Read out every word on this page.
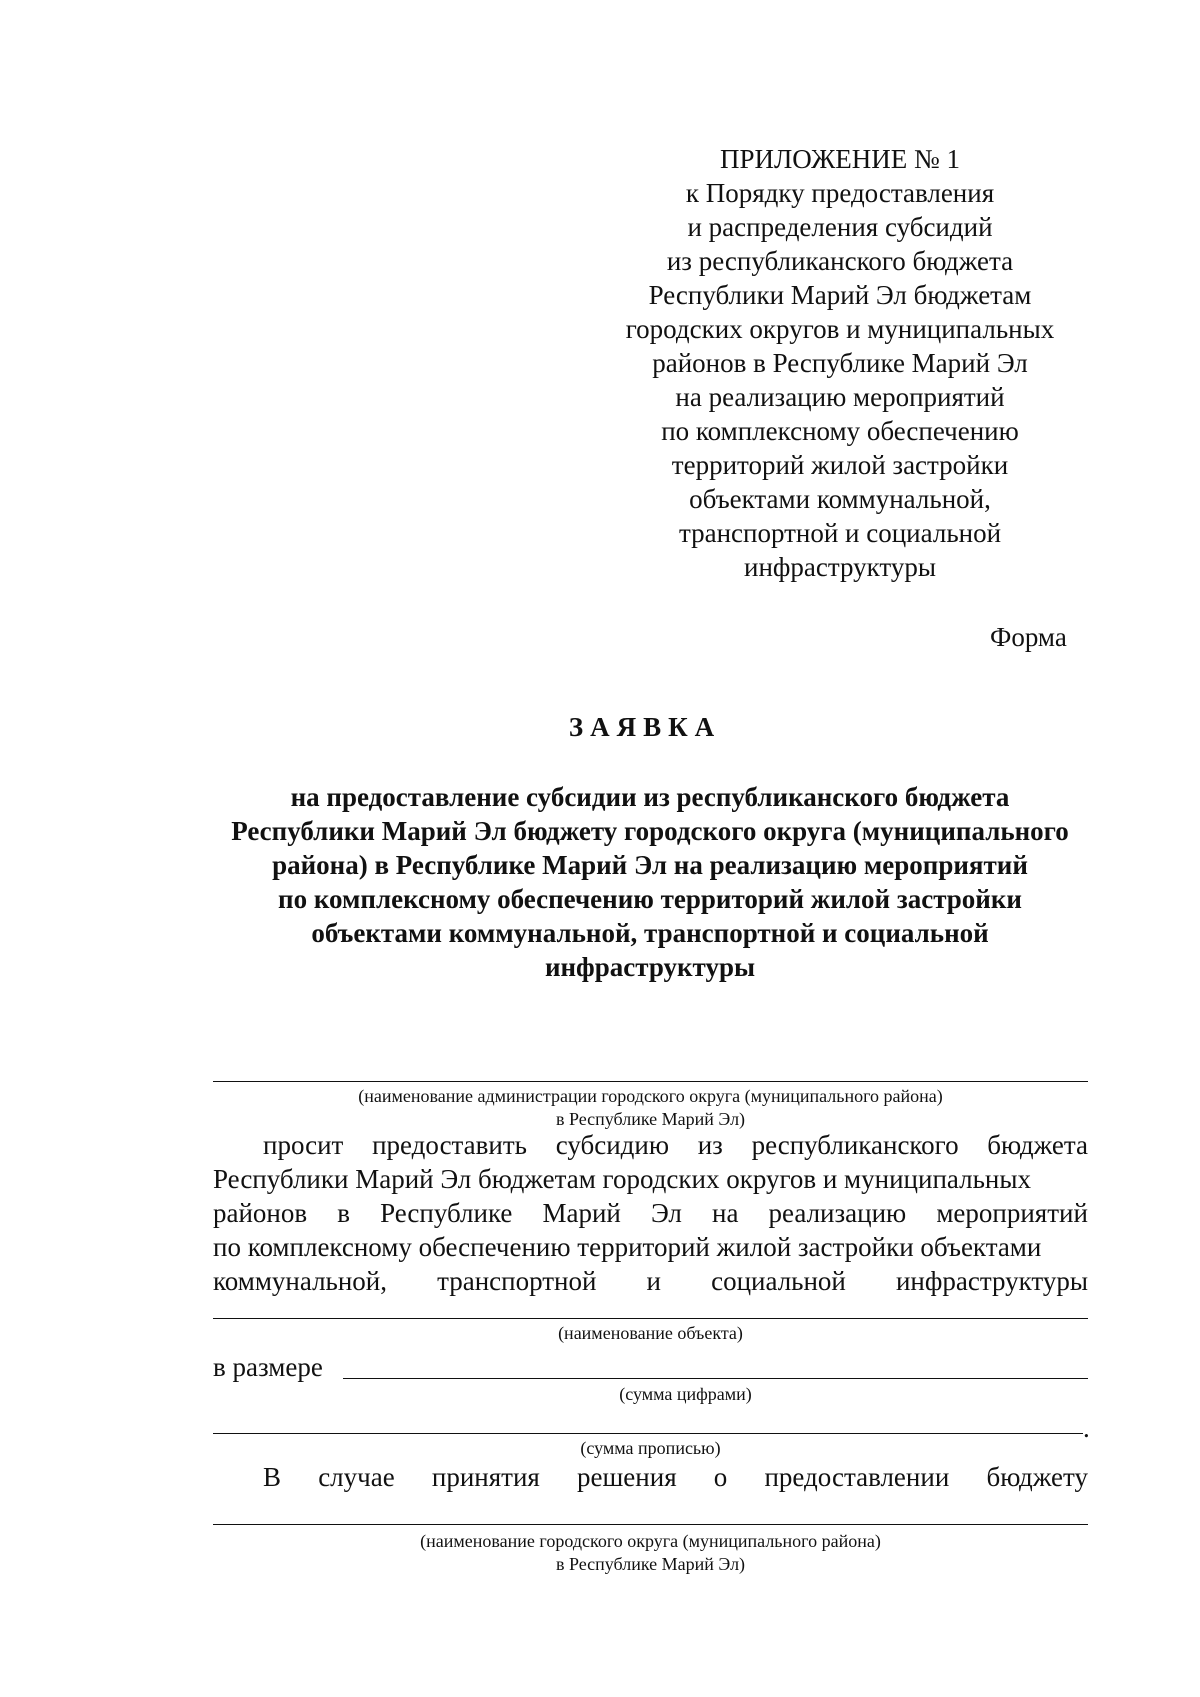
ПРИЛОЖЕНИЕ № 1
к Порядку предоставления
и распределения субсидий
из республиканского бюджета
Республики Марий Эл бюджетам
городских округов и муниципальных
районов в Республике Марий Эл
на реализацию мероприятий
по комплексному обеспечению
территорий жилой застройки
объектами коммунальной,
транспортной и социальной
инфраструктуры
Форма
ЗАЯВКА
на предоставление субсидии из республиканского бюджета
Республики Марий Эл бюджету городского округа (муниципального
района) в Республике Марий Эл на реализацию мероприятий
по комплексному обеспечению территорий жилой застройки
объектами коммунальной, транспортной и социальной
инфраструктуры
(наименование администрации городского округа (муниципального района)
в Республике Марий Эл)
просит предоставить субсидию из республиканского бюджета
Республики Марий Эл бюджетам городских округов и муниципальных
районов в Республике Марий Эл на реализацию мероприятий
по комплексному обеспечению территорий жилой застройки объектами
коммунальной, транспортной и социальной инфраструктуры
(наименование объекта)
в размере
(сумма цифрами)
.
(сумма прописью)
В случае принятия решения о предоставлении бюджету
(наименование городского округа (муниципального района)
в Республике Марий Эл)
